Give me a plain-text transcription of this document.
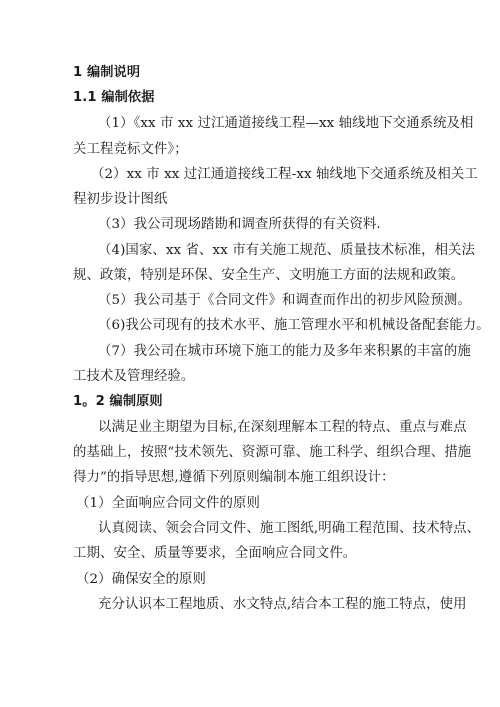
1 编制说明
1.1 编制依据
（1）《xx 市 xx 过江通道接线工程—xx 轴线地下交通系统及相
关工程竞标文件》；
（2）xx 市 xx 过江通道接线工程-xx 轴线地下交通系统及相关工
程初步设计图纸
（3）我公司现场踏勘和调查所获得的有关资料.
（4)国家、xx 省、xx 市有关施工规范、质量技术标准，相关法
规、政策，特别是环保、安全生产、文明施工方面的法规和政策。
（5）我公司基于《合同文件》和调查而作出的初步风险预测。
（6)我公司现有的技术水平、施工管理水平和机械设备配套能力。
（7）我公司在城市环境下施工的能力及多年来积累的丰富的施
工技术及管理经验。
1。2 编制原则
以满足业主期望为目标,在深刻理解本工程的特点、重点与难点
的基础上，按照“技术领先、资源可靠、施工科学、组织合理、措施
得力”的指导思想,遵循下列原则编制本施工组织设计：
（1）全面响应合同文件的原则
认真阅读、领会合同文件、施工图纸,明确工程范围、技术特点、
工期、安全、质量等要求，全面响应合同文件。
（2）确保安全的原则
充分认识本工程地质、水文特点,结合本工程的施工特点，使用
